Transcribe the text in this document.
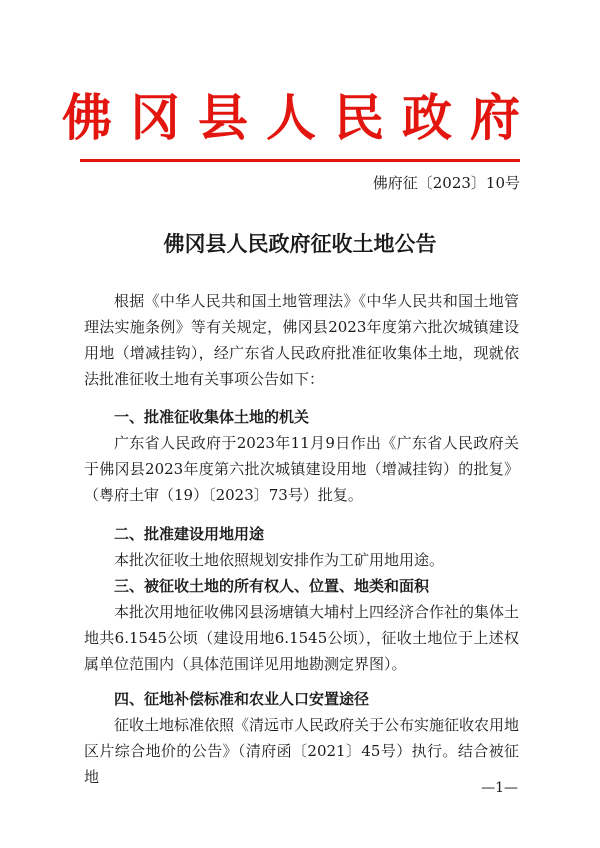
佛冈县人民政府
佛府征〔2023〕10号
佛冈县人民政府征收土地公告
根据《中华人民共和国土地管理法》《中华人民共和国土地管理法实施条例》等有关规定，佛冈县2023年度第六批次城镇建设用地（增减挂钩），经广东省人民政府批准征收集体土地，现就依法批准征收土地有关事项公告如下：
一、批准征收集体土地的机关
广东省人民政府于2023年11月9日作出《广东省人民政府关于佛冈县2023年度第六批次城镇建设用地（增减挂钩）的批复》（粤府土审（19）〔2023〕73号）批复。
二、批准建设用地用途
本批次征收土地依照规划安排作为工矿用地用途。
三、被征收土地的所有权人、位置、地类和面积
本批次用地征收佛冈县汤塘镇大埔村上四经济合作社的集体土地共6.1545公顷（建设用地6.1545公顷），征收土地位于上述权属单位范围内（具体范围详见用地勘测定界图）。
四、征地补偿标准和农业人口安置途径
征收土地标准依照《清远市人民政府关于公布实施征收农用地区片综合地价的公告》（清府函〔2021〕45号）执行。结合被征地
—1—
